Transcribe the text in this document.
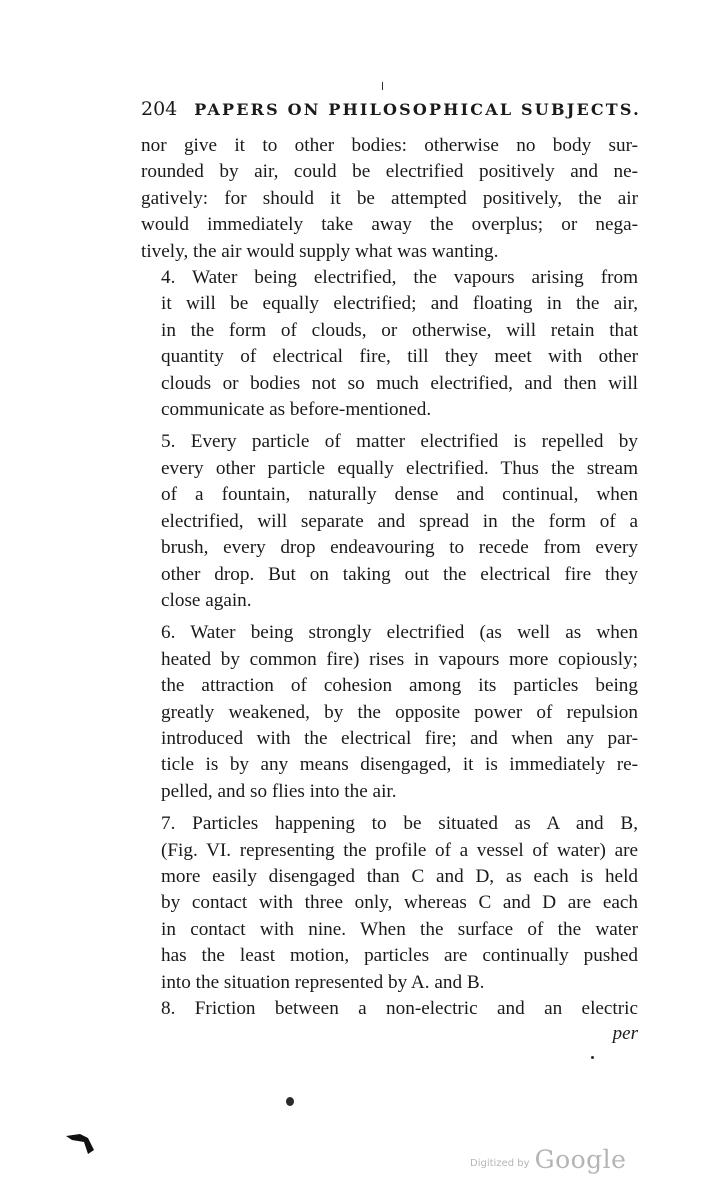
204 PAPERS ON PHILOSOPHICAL SUBJECTS.

nor give it to other bodies: otherwise no body sur-
rounded by air, could be electrified positively and ne-
gatively: for should it be attempted positively, the air
would immediately take away the overplus; or nega-
tively, the air would supply what was wanting.

4. Water being electrified, the vapours arising from
it will be equally electrified; and floating in the air,
in the form of clouds, or otherwise, will retain that
quantity of electrical fire, till they meet with other
clouds or bodies not so much electrified, and then will
communicate as before-mentioned.

5. Every particle of matter electrified is repelled by
every other particle equally electrified. Thus the stream
of a fountain, naturally dense and continual, when
electrified, will separate and spread in the form of a
brush, every drop endeavouring to recede from every
other drop. But on taking out the electrical fire they
close again.

6. Water being strongly electrified (as well as when
heated by common fire) rises in vapours more copiously;
the attraction of cohesion among its particles being
greatly weakened, by the opposite power of repulsion
introduced with the electrical fire; and when any par-
ticle is by any means disengaged, it is immediately re-
pelled, and so flies into the air.

7. Particles happening to be situated as A and B,
(Fig. VI. representing the profile of a vessel of water) are
more easily disengaged than C and D, as each is held
by contact with three only, whereas C and D are each
in contact with nine. When the surface of the water
has the least motion, particles are continually pushed
into the situation represented by A. and B.

8. Friction between a non-electric and an electric

per
Digitized by Google
